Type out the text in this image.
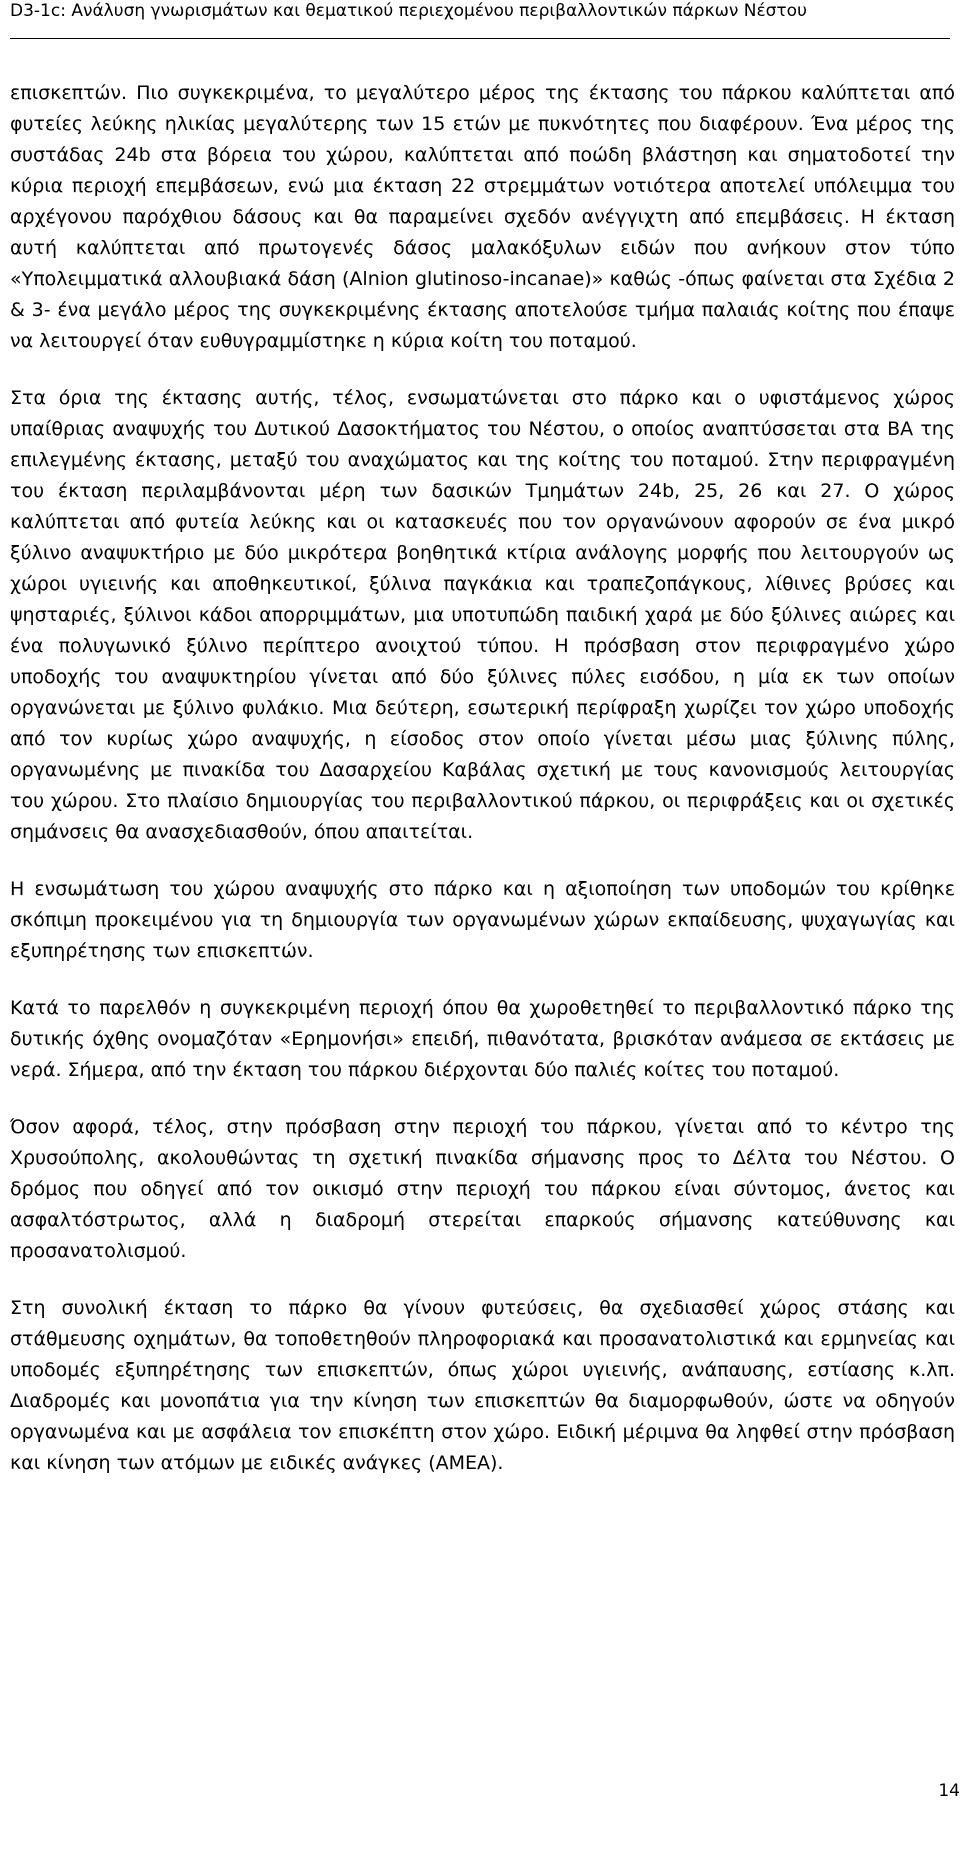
D3-1c: Ανάλυση γνωρισμάτων και θεματικού περιεχομένου περιβαλλοντικών πάρκων Νέστου

επισκεπτών. Πιο συγκεκριμένα, το μεγαλύτερο μέρος της έκτασης του πάρκου καλύπτεται από φυτείες λεύκης ηλικίας μεγαλύτερης των 15 ετών με πυκνότητες που διαφέρουν. Ένα μέρος της συστάδας 24b στα βόρεια του χώρου, καλύπτεται από ποώδη βλάστηση και σηματοδοτεί την κύρια περιοχή επεμβάσεων, ενώ μια έκταση 22 στρεμμάτων νοτιότερα αποτελεί υπόλειμμα του αρχέγονου παρόχθιου δάσους και θα παραμείνει σχεδόν ανέγγιχτη από επεμβάσεις. Η έκταση αυτή καλύπτεται από πρωτογενές δάσος μαλακόξυλων ειδών που ανήκουν στον τύπο «Υπολειμματικά αλλουβιακά δάση (Alnion glutinoso-incanae)» καθώς -όπως φαίνεται στα Σχέδια 2 & 3- ένα μεγάλο μέρος της συγκεκριμένης έκτασης αποτελούσε τμήμα παλαιάς κοίτης που έπαψε να λειτουργεί όταν ευθυγραμμίστηκε η κύρια κοίτη του ποταμού.

Στα όρια της έκτασης αυτής, τέλος, ενσωματώνεται στο πάρκο και ο υφιστάμενος χώρος υπαίθριας αναψυχής του Δυτικού Δασοκτήματος του Νέστου, ο οποίος αναπτύσσεται στα ΒΑ της επιλεγμένης έκτασης, μεταξύ του αναχώματος και της κοίτης του ποταμού. Στην περιφραγμένη του έκταση περιλαμβάνονται μέρη των δασικών Τμημάτων 24b, 25, 26 και 27. Ο χώρος καλύπτεται από φυτεία λεύκης και οι κατασκευές που τον οργανώνουν αφορούν σε ένα μικρό ξύλινο αναψυκτήριο με δύο μικρότερα βοηθητικά κτίρια ανάλογης μορφής που λειτουργούν ως χώροι υγιεινής και αποθηκευτικοί, ξύλινα παγκάκια και τραπεζοπάγκους, λίθινες βρύσες και ψησταριές, ξύλινοι κάδοι απορριμμάτων, μια υποτυπώδη παιδική χαρά με δύο ξύλινες αιώρες και ένα πολυγωνικό ξύλινο περίπτερο ανοιχτού τύπου. Η πρόσβαση στον περιφραγμένο χώρο υποδοχής του αναψυκτηρίου γίνεται από δύο ξύλινες πύλες εισόδου, η μία εκ των οποίων οργανώνεται με ξύλινο φυλάκιο. Μια δεύτερη, εσωτερική περίφραξη χωρίζει τον χώρο υποδοχής από τον κυρίως χώρο αναψυχής, η είσοδος στον οποίο γίνεται μέσω μιας ξύλινης πύλης, οργανωμένης με πινακίδα του Δασαρχείου Καβάλας σχετική με τους κανονισμούς λειτουργίας του χώρου. Στο πλαίσιο δημιουργίας του περιβαλλοντικού πάρκου, οι περιφράξεις και οι σχετικές σημάνσεις θα ανασχεδιασθούν, όπου απαιτείται.

Η ενσωμάτωση του χώρου αναψυχής στο πάρκο και η αξιοποίηση των υποδομών του κρίθηκε σκόπιμη προκειμένου για τη δημιουργία των οργανωμένων χώρων εκπαίδευσης, ψυχαγωγίας και εξυπηρέτησης των επισκεπτών.

Κατά το παρελθόν η συγκεκριμένη περιοχή όπου θα χωροθετηθεί το περιβαλλοντικό πάρκο της δυτικής όχθης ονομαζόταν «Ερημονήσι» επειδή, πιθανότατα, βρισκόταν ανάμεσα σε εκτάσεις με νερά. Σήμερα, από την έκταση του πάρκου διέρχονται δύο παλιές κοίτες του ποταμού.

Όσον αφορά, τέλος, στην πρόσβαση στην περιοχή του πάρκου, γίνεται από το κέντρο της Χρυσούπολης, ακολουθώντας τη σχετική πινακίδα σήμανσης προς το Δέλτα του Νέστου. Ο δρόμος που οδηγεί από τον οικισμό στην περιοχή του πάρκου είναι σύντομος, άνετος και ασφαλτόστρωτος, αλλά η διαδρομή στερείται επαρκούς σήμανσης κατεύθυνσης και προσανατολισμού.

Στη συνολική έκταση το πάρκο θα γίνουν φυτεύσεις, θα σχεδιασθεί χώρος στάσης και στάθμευσης οχημάτων, θα τοποθετηθούν πληροφοριακά και προσανατολιστικά και ερμηνείας και υποδομές εξυπηρέτησης των επισκεπτών, όπως χώροι υγιεινής, ανάπαυσης, εστίασης κ.λπ. Διαδρομές και μονοπάτια για την κίνηση των επισκεπτών θα διαμορφωθούν, ώστε να οδηγούν οργανωμένα και με ασφάλεια τον επισκέπτη στον χώρο. Ειδική μέριμνα θα ληφθεί στην πρόσβαση και κίνηση των ατόμων με ειδικές ανάγκες (ΑΜΕΑ).

14
